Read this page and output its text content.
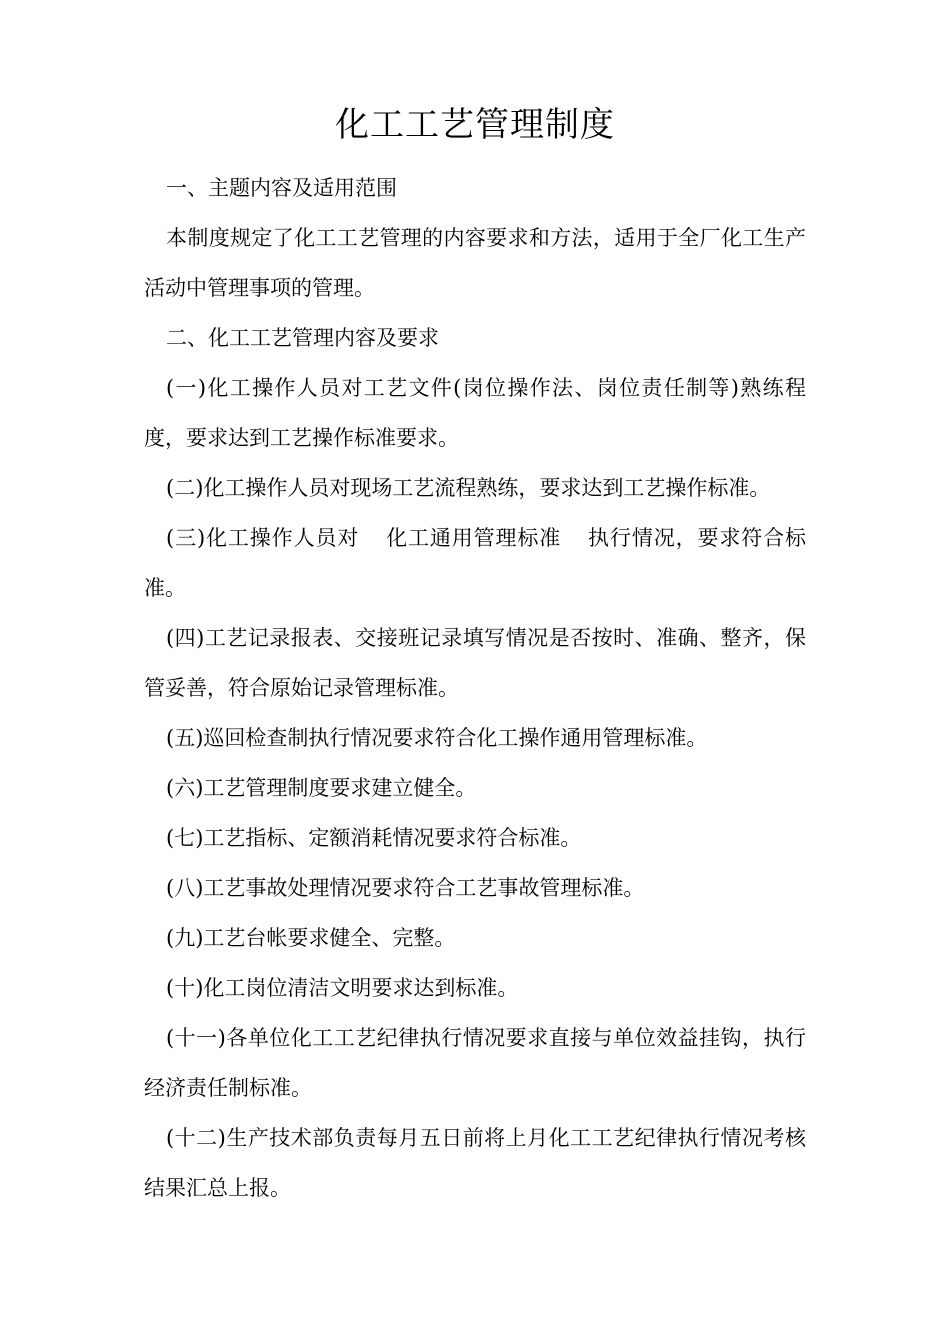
化工工艺管理制度

一、主题内容及适用范围

本制度规定了化工工艺管理的内容要求和方法，适用于全厂化工生产活动中管理事项的管理。

二、化工工艺管理内容及要求

(一)化工操作人员对工艺文件(岗位操作法、岗位责任制等)熟练程度，要求达到工艺操作标准要求。

(二)化工操作人员对现场工艺流程熟练，要求达到工艺操作标准。

(三)化工操作人员对 化工通用管理标准 执行情况，要求符合标准。

(四)工艺记录报表、交接班记录填写情况是否按时、准确、整齐，保管妥善，符合原始记录管理标准。

(五)巡回检查制执行情况要求符合化工操作通用管理标准。

(六)工艺管理制度要求建立健全。

(七)工艺指标、定额消耗情况要求符合标准。

(八)工艺事故处理情况要求符合工艺事故管理标准。

(九)工艺台帐要求健全、完整。

(十)化工岗位清洁文明要求达到标准。

(十一)各单位化工工艺纪律执行情况要求直接与单位效益挂钩，执行经济责任制标准。

(十二)生产技术部负责每月五日前将上月化工工艺纪律执行情况考核结果汇总上报。
